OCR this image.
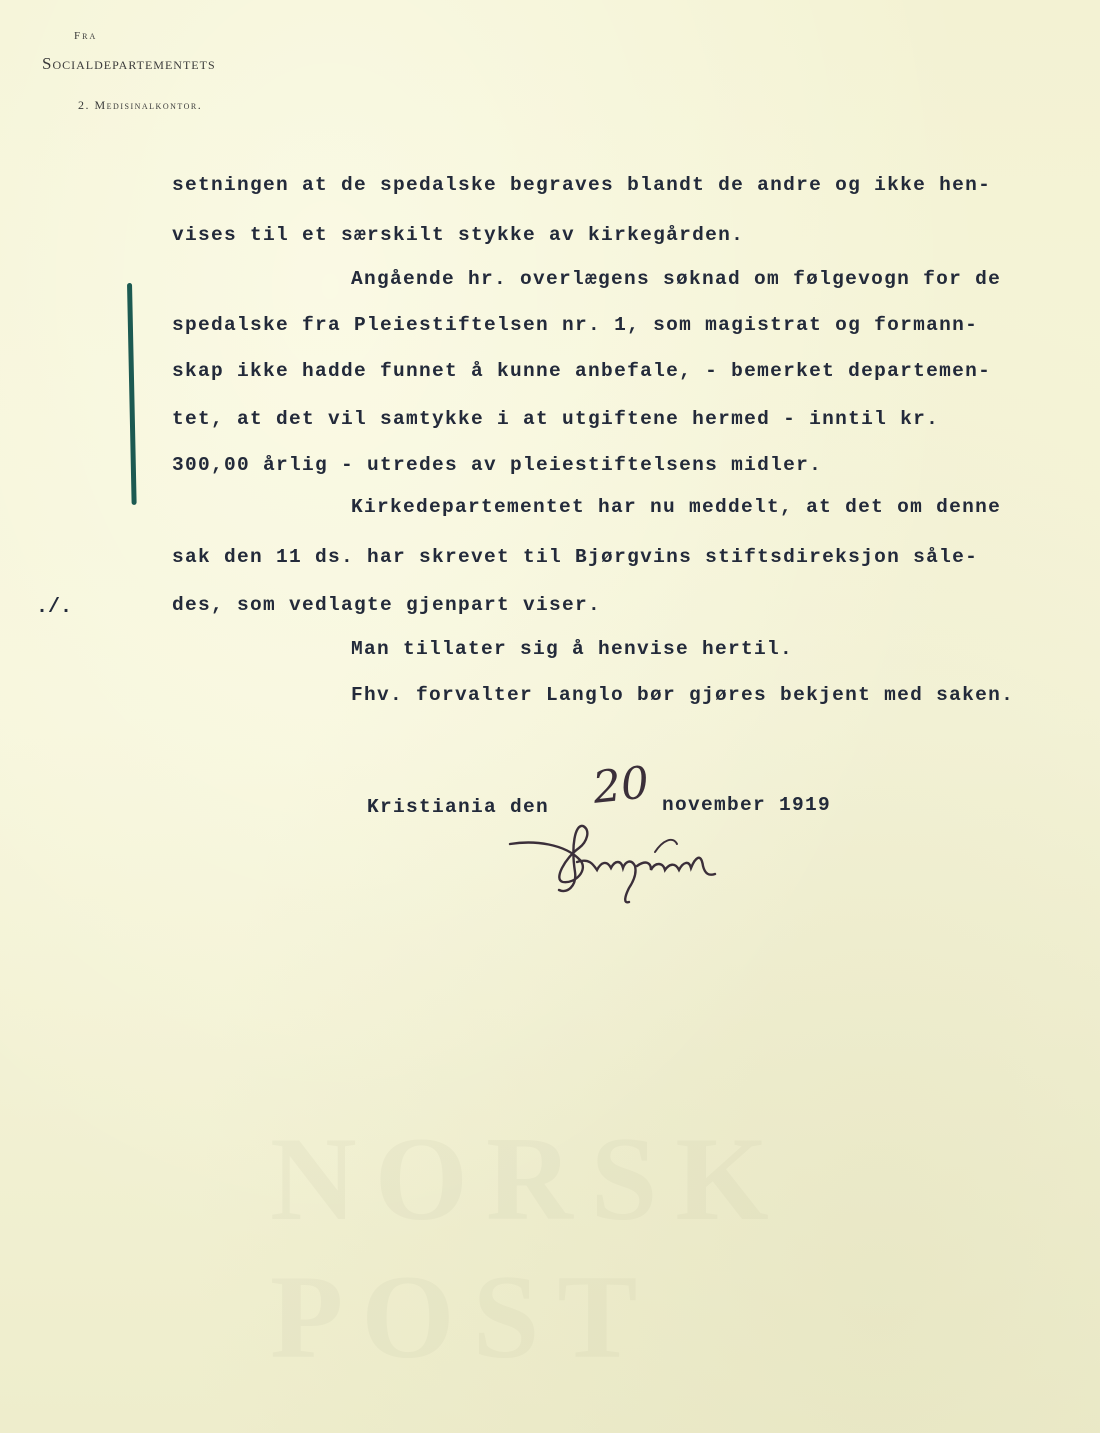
NORSK POST
Fra
Socialdepartementets
2. Medisinalkontor.
setningen at de spedalske begraves blandt de andre og ikke hen-
vises til et særskilt stykke av kirkegården.
Angående hr. overlægens søknad om følgevogn for de
spedalske fra Pleiestiftelsen nr. 1, som magistrat og formann-
skap ikke hadde funnet å kunne anbefale, - bemerket departemen-
tet, at det vil samtykke i at utgiftene hermed - inntil kr.
300,00 årlig - utredes av pleiestiftelsens midler.
Kirkedepartementet har nu meddelt, at det om denne
sak den 11 ds. har skrevet til Bjørgvins stiftsdireksjon såle-
des, som vedlagte gjenpart viser.
Man tillater sig å henvise hertil.
Fhv. forvalter Langlo bør gjøres bekjent med saken.
./.
Kristiania den 20 november 1919
